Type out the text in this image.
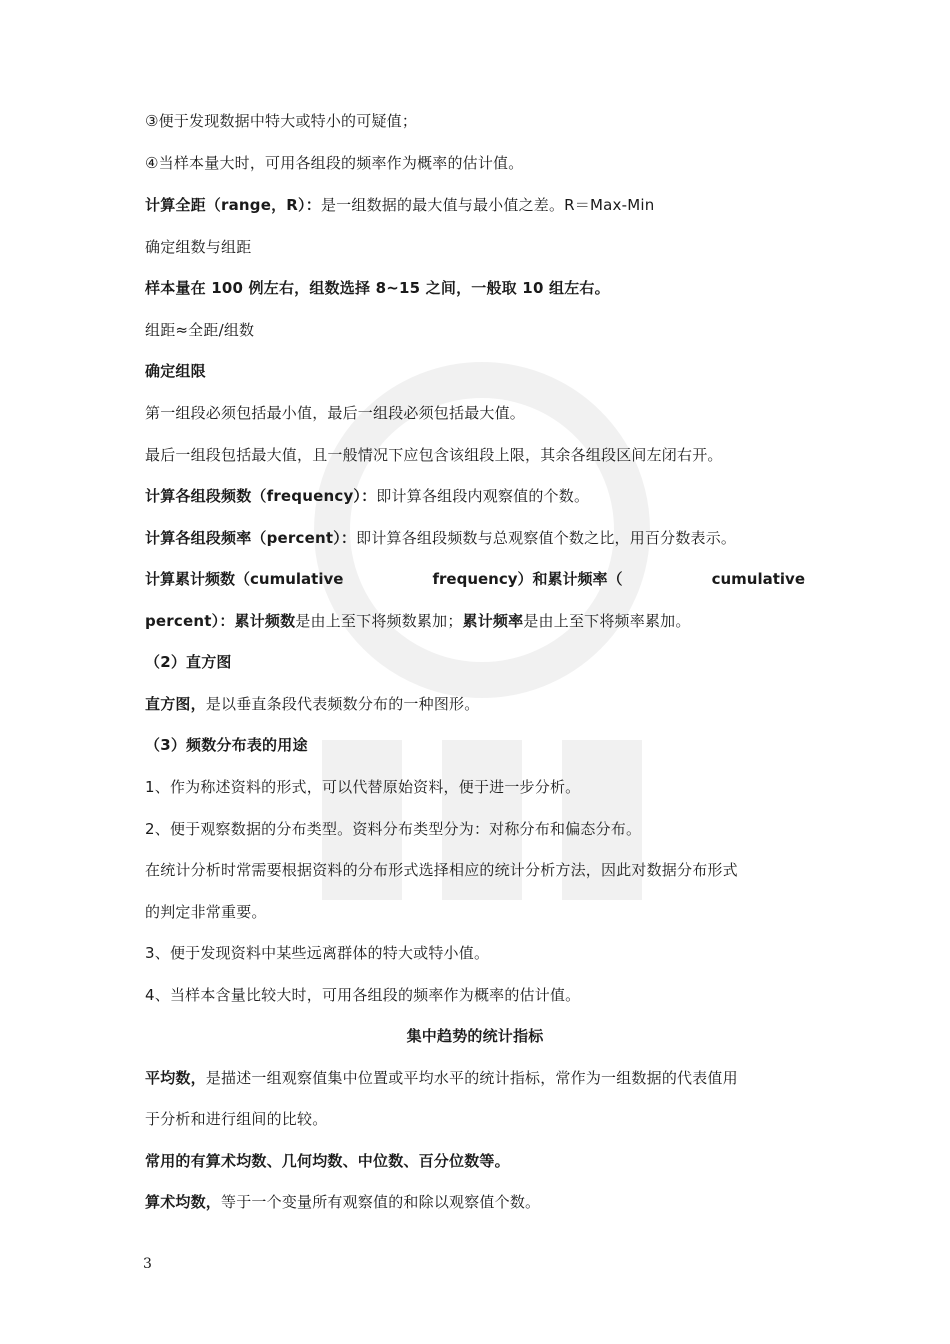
③便于发现数据中特大或特小的可疑值；

④当样本量大时，可用各组段的频率作为概率的估计值。

计算全距（range，R）：是一组数据的最大值与最小值之差。R＝Max-Min

确定组数与组距

样本量在 100 例左右，组数选择 8~15 之间，一般取 10 组左右。

组距≈全距/组数

确定组限

第一组段必须包括最小值，最后一组段必须包括最大值。

最后一组段包括最大值，且一般情况下应包含该组段上限，其余各组段区间左闭右开。

计算各组段频数（frequency）：即计算各组段内观察值的个数。

计算各组段频率（percent）：即计算各组段频数与总观察值个数之比，用百分数表示。

计算累计频数（cumulative	frequency）和累计频率（	cumulative

percent）：累计频数是由上至下将频数累加；累计频率是由上至下将频率累加。

（2）直方图

直方图，是以垂直条段代表频数分布的一种图形。

（3）频数分布表的用途

1、作为称述资料的形式，可以代替原始资料，便于进一步分析。

2、便于观察数据的分布类型。资料分布类型分为：对称分布和偏态分布。

在统计分析时常需要根据资料的分布形式选择相应的统计分析方法，因此对数据分布形式

的判定非常重要。

3、便于发现资料中某些远离群体的特大或特小值。

4、当样本含量比较大时，可用各组段的频率作为概率的估计值。

集中趋势的统计指标

平均数，是描述一组观察值集中位置或平均水平的统计指标，常作为一组数据的代表值用

于分析和进行组间的比较。

常用的有算术均数、几何均数、中位数、百分位数等。

算术均数，等于一个变量所有观察值的和除以观察值个数。

3
